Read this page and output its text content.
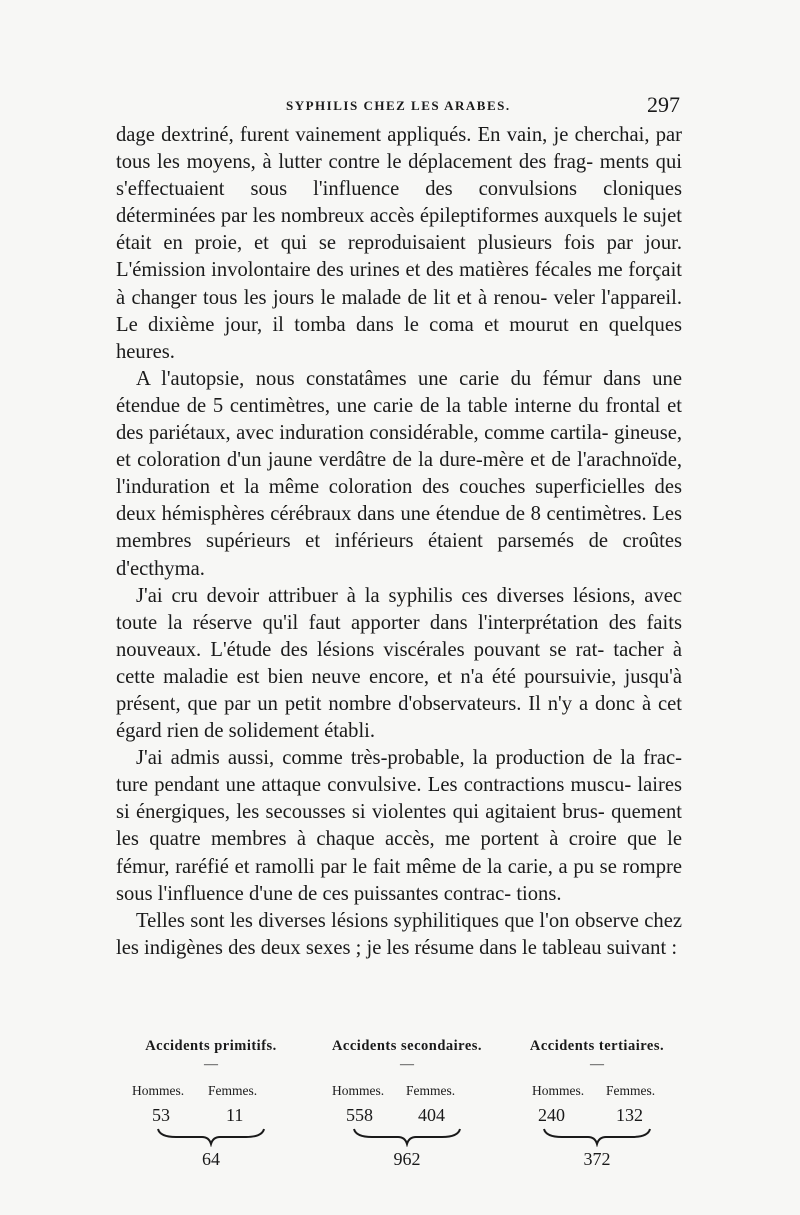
SYPHILIS CHEZ LES ARABES.	297

dage dextriné, furent vainement appliqués. En vain, je cherchai, par tous les moyens, à lutter contre le déplacement des frag- ments qui s'effectuaient sous l'influence des convulsions cloniques déterminées par les nombreux accès épileptiformes auxquels le sujet était en proie, et qui se reproduisaient plusieurs fois par jour. L'émission involontaire des urines et des matières fécales me forçait à changer tous les jours le malade de lit et à renou- veler l'appareil. Le dixième jour, il tomba dans le coma et mourut en quelques heures.

A l'autopsie, nous constatâmes une carie du fémur dans une étendue de 5 centimètres, une carie de la table interne du frontal et des pariétaux, avec induration considérable, comme cartila- gineuse, et coloration d'un jaune verdâtre de la dure-mère et de l'arachnoïde, l'induration et la même coloration des couches superficielles des deux hémisphères cérébraux dans une étendue de 8 centimètres. Les membres supérieurs et inférieurs étaient parsemés de croûtes d'ecthyma.

J'ai cru devoir attribuer à la syphilis ces diverses lésions, avec toute la réserve qu'il faut apporter dans l'interprétation des faits nouveaux. L'étude des lésions viscérales pouvant se rat- tacher à cette maladie est bien neuve encore, et n'a été poursuivie, jusqu'à présent, que par un petit nombre d'observateurs. Il n'y a donc à cet égard rien de solidement établi.

J'ai admis aussi, comme très-probable, la production de la frac- ture pendant une attaque convulsive. Les contractions muscu- laires si énergiques, les secousses si violentes qui agitaient brus- quement les quatre membres à chaque accès, me portent à croire que le fémur, raréfié et ramolli par le fait même de la carie, a pu se rompre sous l'influence d'une de ces puissantes contrac- tions.

Telles sont les diverses lésions syphilitiques que l'on observe chez les indigènes des deux sexes ; je les résume dans le tableau suivant :

Accidents primitifs.
—
Hommes. Femmes.
53	11
64
Accidents secondaires.
—
Hommes. Femmes.
558	404
962
Accidents tertiaires.
—
Hommes. Femmes.
240	132
372
